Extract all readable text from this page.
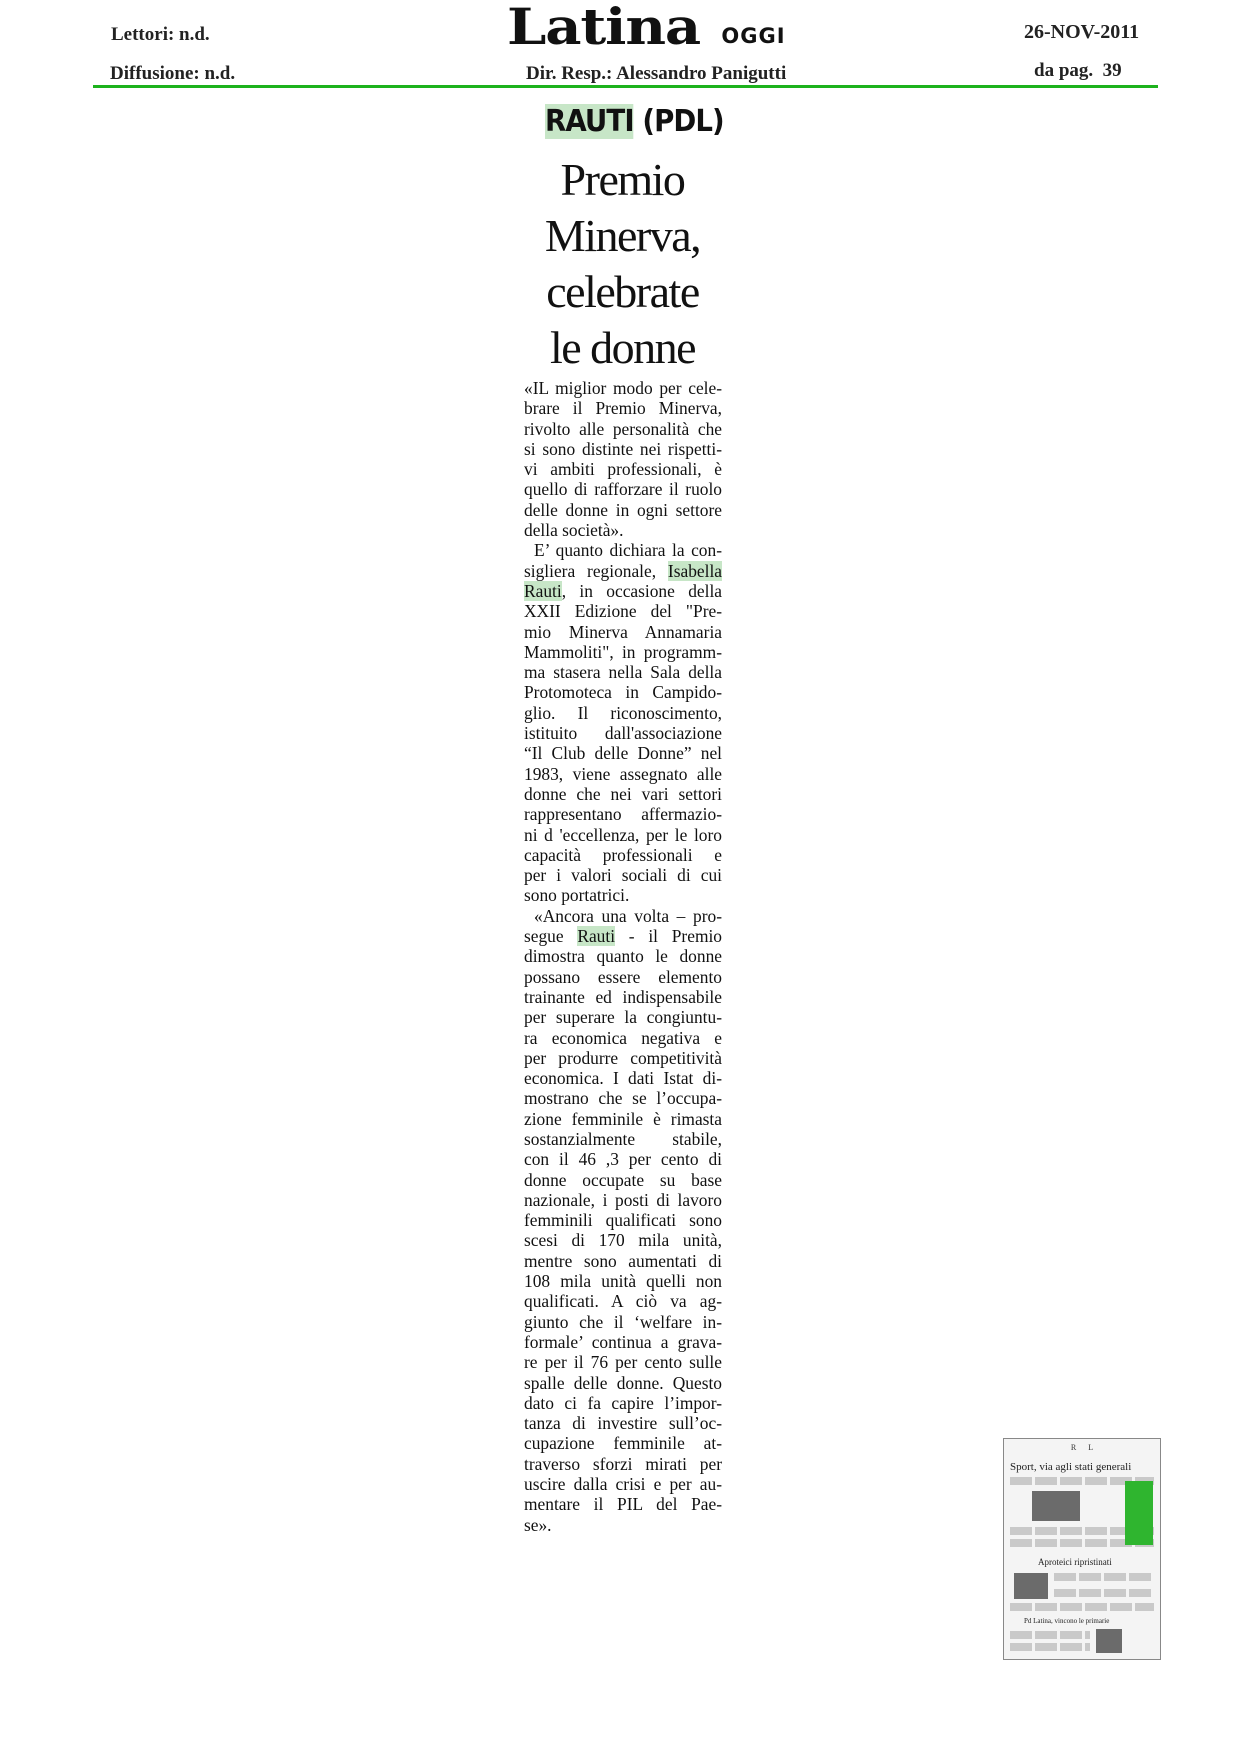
Lettori: n.d.
Diffusione: n.d.
Latina OGGI	26-NOV-2011
Dir. Resp.: Alessandro Panigutti	da pag. 39
RAUTI (PDL)
Premio
Minerva,
celebrate
le donne
«IL miglior modo per cele-
brare il Premio Minerva,
rivolto alle personalità che
si sono distinte nei rispetti-
vi ambiti professionali, è
quello di rafforzare il ruolo
delle donne in ogni settore
della società».
E’ quanto dichiara la con-
sigliera regionale, Isabella
Rauti, in occasione della
XXII Edizione del "Pre-
mio Minerva Annamaria
Mammoliti", in programm-
ma stasera nella Sala della
Protomoteca in Campido-
glio. Il riconoscimento,
istituito dall'associazione
“Il Club delle Donne” nel
1983, viene assegnato alle
donne che nei vari settori
rappresentano affermazio-
ni d 'eccellenza, per le loro
capacità professionali e
per i valori sociali di cui
sono portatrici.
«Ancora una volta – pro-
segue Rauti - il Premio
dimostra quanto le donne
possano essere elemento
trainante ed indispensabile
per superare la congiuntu-
ra economica negativa e
per produrre competitività
economica. I dati Istat di-
mostrano che se l’occupa-
zione femminile è rimasta
sostanzialmente stabile,
con il 46 ,3 per cento di
donne occupate su base
nazionale, i posti di lavoro
femminili qualificati sono
scesi di 170 mila unità,
mentre sono aumentati di
108 mila unità quelli non
qualificati. A ciò va ag-
giunto che il ‘welfare in-
formale’ continua a grava-
re per il 76 per cento sulle
spalle delle donne. Questo
dato ci fa capire l’impor-
tanza di investire sull’oc-
cupazione femminile at-
traverso sforzi mirati per
uscire dalla crisi e per au-
mentare il PIL del Pae-
se».
R      L
Sport, via agli stati generali
Aproteici ripristinati
Pd Latina, vincono le primarie
